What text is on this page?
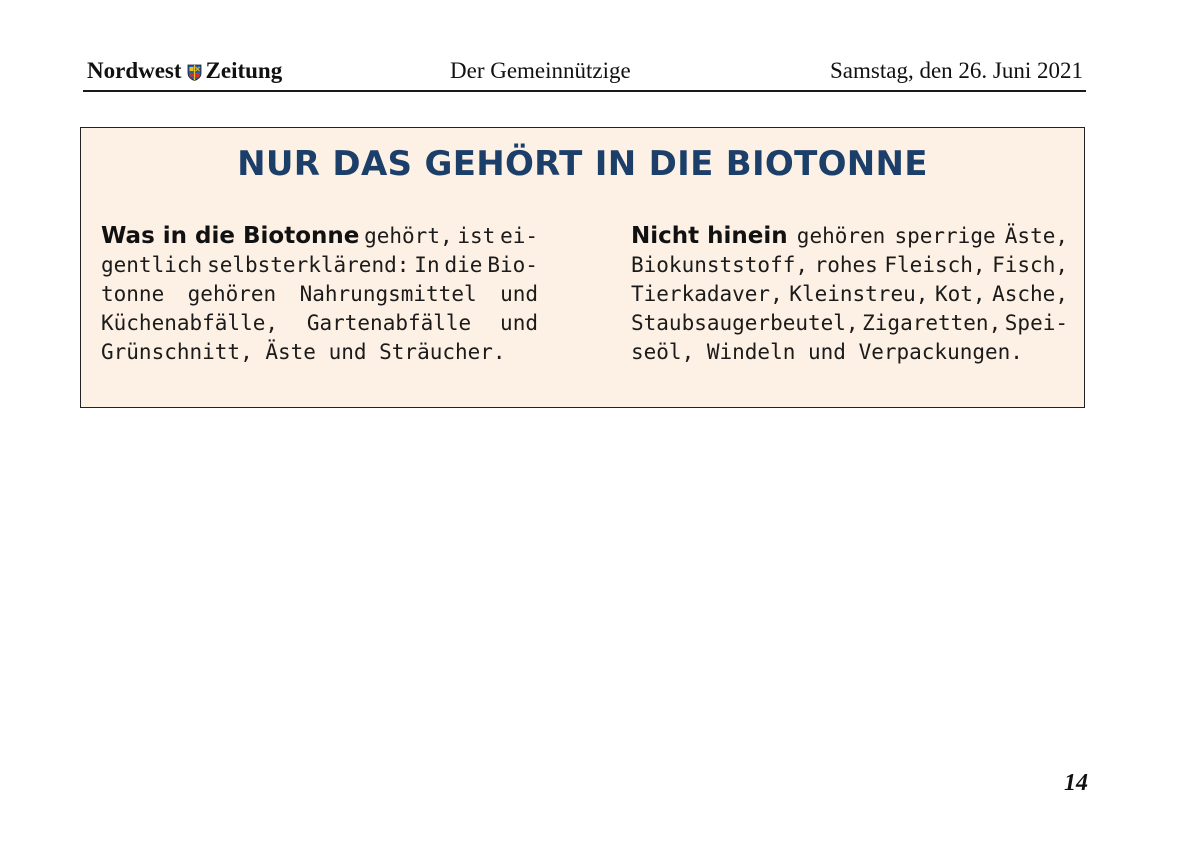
Nordwest Zeitung	Der Gemeinnützige	Samstag, den 26. Juni 2021
NUR DAS GEHÖRT IN DIE BIOTONNE
Was in die Biotonne gehört, ist ei-
gentlich selbsterklärend: In die Bio-
tonne gehören Nahrungsmittel und
Küchenabfälle, Gartenabfälle und
Grünschnitt, Äste und Sträucher.
Nicht hinein gehören sperrige Äste,
Biokunststoff, rohes Fleisch, Fisch,
Tierkadaver, Kleinstreu, Kot, Asche,
Staubsaugerbeutel, Zigaretten, Spei-
seöl, Windeln und Verpackungen.
14
